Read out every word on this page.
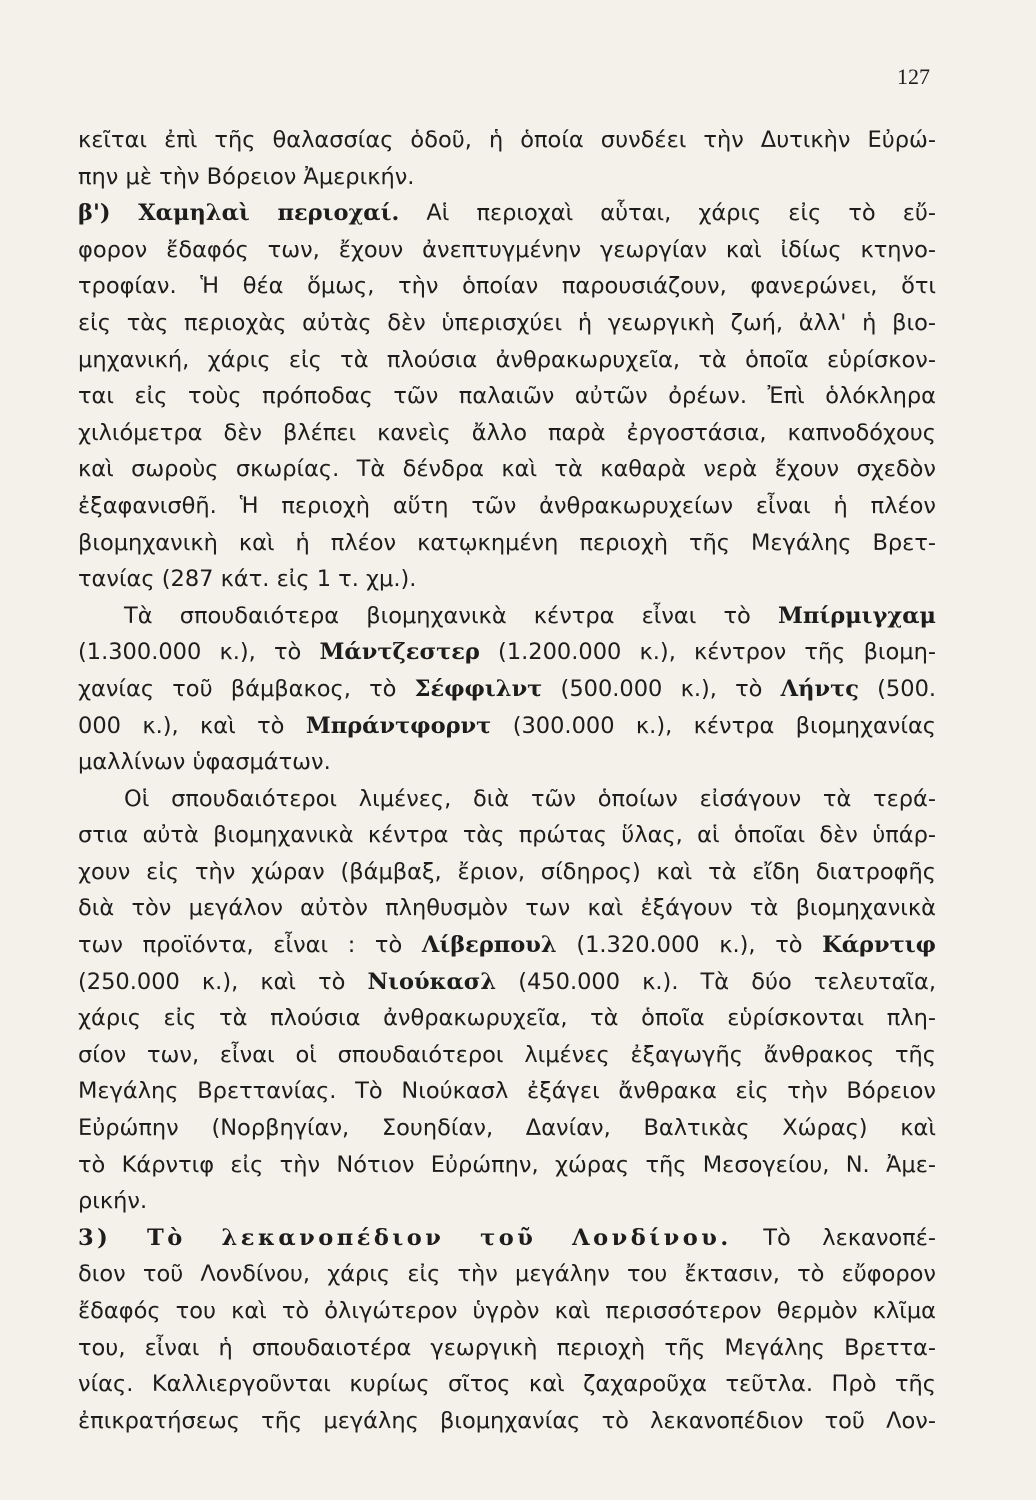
127
κεῖται ἐπὶ τῆς θαλασσίας ὁδοῦ, ἡ ὁποία συνδέει τὴν Δυτικὴν Εὐρώ-
πην μὲ τὴν Βόρειον Ἀμερικήν.
β') Χαμηλαὶ περιοχαί. Αἱ περιοχαὶ αὗται, χάρις εἰς τὸ εὔ-
φορον ἔδαφός των, ἔχουν ἀνεπτυγμένην γεωργίαν καὶ ἰδίως κτηνο-
τροφίαν. Ἡ θέα ὅμως, τὴν ὁποίαν παρουσιάζουν, φανερώνει, ὅτι
εἰς τὰς περιοχὰς αὐτὰς δὲν ὑπερισχύει ἡ γεωργικὴ ζωή, ἀλλ' ἡ βιο-
μηχανική, χάρις εἰς τὰ πλούσια ἀνθρακωρυχεῖα, τὰ ὁποῖα εὑρίσκον-
ται εἰς τοὺς πρόποδας τῶν παλαιῶν αὐτῶν ὀρέων. Ἐπὶ ὁλόκληρα
χιλιόμετρα δὲν βλέπει κανεὶς ἄλλο παρὰ ἐργοστάσια, καπνοδόχους
καὶ σωροὺς σκωρίας. Τὰ δένδρα καὶ τὰ καθαρὰ νερὰ ἔχουν σχεδὸν
ἐξαφανισθῆ. Ἡ περιοχὴ αὕτη τῶν ἀνθρακωρυχείων εἶναι ἡ πλέον
βιομηχανικὴ καὶ ἡ πλέον κατῳκημένη περιοχὴ τῆς Μεγάλης Βρετ-
τανίας (287 κάτ. εἰς 1 τ. χμ.).
Τὰ σπουδαιότερα βιομηχανικὰ κέντρα εἶναι τὸ Μπίρμιγχαμ
(1.300.000 κ.), τὸ Μάντζεστερ (1.200.000 κ.), κέντρον τῆς βιομη-
χανίας τοῦ βάμβακος, τὸ Σέφφιλντ (500.000 κ.), τὸ Λήντς (500.
000 κ.), καὶ τὸ Μπράντφορντ (300.000 κ.), κέντρα βιομηχανίας
μαλλίνων ὑφασμάτων.
Οἱ σπουδαιότεροι λιμένες, διὰ τῶν ὁποίων εἰσάγουν τὰ τερά-
στια αὐτὰ βιομηχανικὰ κέντρα τὰς πρώτας ὕλας, αἱ ὁποῖαι δὲν ὑπάρ-
χουν εἰς τὴν χώραν (βάμβαξ, ἔριον, σίδηρος) καὶ τὰ εἴδη διατροφῆς
διὰ τὸν μεγάλον αὐτὸν πληθυσμὸν των καὶ ἐξάγουν τὰ βιομηχανικὰ
των προϊόντα, εἶναι : τὸ Λίβερπουλ (1.320.000 κ.), τὸ Κάρντιφ
(250.000 κ.), καὶ τὸ Νιούκασλ (450.000 κ.). Τὰ δύο τελευταῖα,
χάρις εἰς τὰ πλούσια ἀνθρακωρυχεῖα, τὰ ὁποῖα εὑρίσκονται πλη-
σίον των, εἶναι οἱ σπουδαιότεροι λιμένες ἐξαγωγῆς ἄνθρακος τῆς
Μεγάλης Βρεττανίας. Τὸ Νιούκασλ ἐξάγει ἄνθρακα εἰς τὴν Βόρειον
Εὐρώπην (Νορβηγίαν, Σουηδίαν, Δανίαν, Βαλτικὰς Χώρας) καὶ
τὸ Κάρντιφ εἰς τὴν Νότιον Εὐρώπην, χώρας τῆς Μεσογείου, Ν. Ἀμε-
ρικήν.
3) Τὸ λεκανοπέδιον τοῦ Λονδίνου. Τὸ λεκανοπέ-
διον τοῦ Λονδίνου, χάρις εἰς τὴν μεγάλην του ἔκτασιν, τὸ εὔφορον
ἔδαφός του καὶ τὸ ὀλιγώτερον ὑγρὸν καὶ περισσότερον θερμὸν κλῖμα
του, εἶναι ἡ σπουδαιοτέρα γεωργικὴ περιοχὴ τῆς Μεγάλης Βρεττα-
νίας. Καλλιεργοῦνται κυρίως σῖτος καὶ ζαχαροῦχα τεῦτλα. Πρὸ τῆς
ἐπικρατήσεως τῆς μεγάλης βιομηχανίας τὸ λεκανοπέδιον τοῦ Λον-
